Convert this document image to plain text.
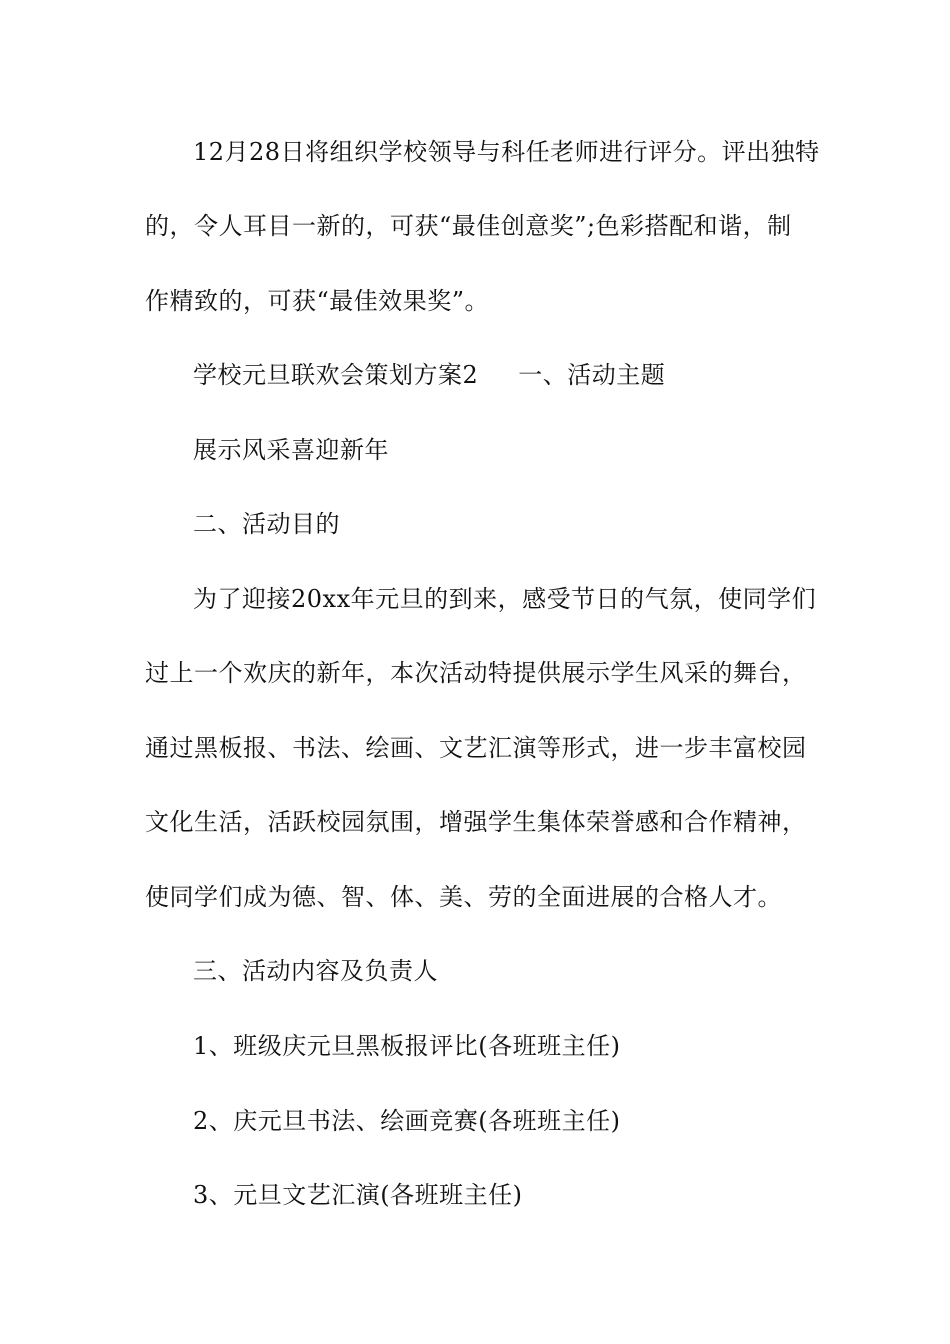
12月28日将组织学校领导与科任老师进行评分。评出独特
的，令人耳目一新的，可获“最佳创意奖”;色彩搭配和谐，制
作精致的，可获“最佳效果奖”。
学校元旦联欢会策划方案2 一、活动主题
展示风采喜迎新年
二、活动目的
为了迎接20xx年元旦的到来，感受节日的气氛，使同学们
过上一个欢庆的新年，本次活动特提供展示学生风采的舞台，
通过黑板报、书法、绘画、文艺汇演等形式，进一步丰富校园
文化生活，活跃校园氛围，增强学生集体荣誉感和合作精神，
使同学们成为德、智、体、美、劳的全面进展的合格人才。
三、活动内容及负责人
1、班级庆元旦黑板报评比(各班班主任)
2、庆元旦书法、绘画竞赛(各班班主任)
3、元旦文艺汇演(各班班主任)
